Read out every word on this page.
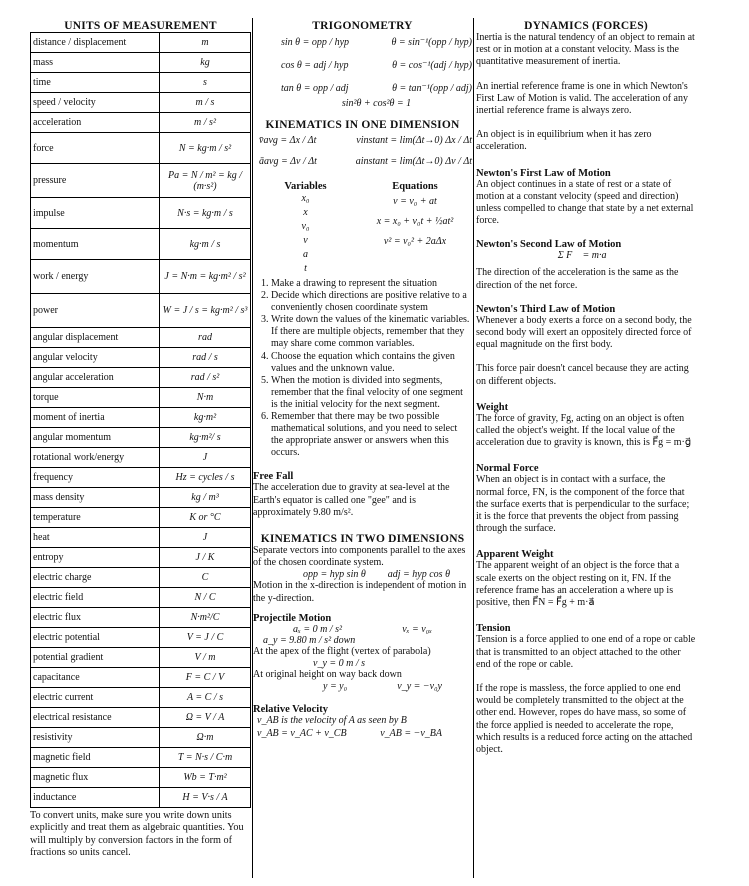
UNITS OF MEASUREMENT
distance / displacement	m
mass	kg
time	s
speed / velocity	m / s
acceleration	m / s²
force	N = kg·m / s²
pressure	Pa = N / m² = kg / (m·s²)
impulse	N·s = kg·m / s
momentum	kg·m / s
work / energy	J = N·m = kg·m² / s²
power	W = J / s = kg·m² / s³
angular displacement	rad
angular velocity	rad / s
angular acceleration	rad / s²
torque	N·m
moment of inertia	kg·m²
angular momentum	kg·m²/ s
rotational work/energy	J
frequency	Hz = cycles / s
mass density	kg / m³
temperature	K or °C
heat	J
entropy	J / K
electric charge	C
electric field	N / C
electric flux	N·m²/C
electric potential	V = J / C
potential gradient	V / m
capacitance	F = C / V
electric current	A = C / s
electrical resistance	Ω = V / A
resistivity	Ω·m
magnetic field	T = N·s / C·m
magnetic flux	Wb = T·m²
inductance	H = V·s / A
To convert units, make sure you write down units explicitly and treat them as algebraic quantities. You will multiply by conversion factors in the form of fractions so units cancel.
TRIGONOMETRY
sin θ = opp / hyp	θ = sin⁻¹(opp / hyp)
cos θ = adj / hyp	θ = cos⁻¹(adj / hyp)
tan θ = opp / adj	θ = tan⁻¹(opp / adj)
sin²θ + cos²θ = 1
KINEMATICS IN ONE DIMENSION
v̄avg = Δx / Δt	vinstant = lim(Δt→0) Δx / Δt
āavg = Δv / Δt	ainstant = lim(Δt→0) Δv / Δt
Variables
x₀
x
v₀
v
a
t
Equations
v = v₀ + at
x = x₀ + v₀t + ½at²
v² = v₀² + 2aΔx
1. Make a drawing to represent the situation
2. Decide which directions are positive relative to a conveniently chosen coordinate system
3. Write down the values of the kinematic variables. If there are multiple objects, remember that they may share come common variables.
4. Choose the equation which contains the given values and the unknown value.
5. When the motion is divided into segments, remember that the final velocity of one segment is the initial velocity for the next segment.
6. Remember that there may be two possible mathematical solutions, and you need to select the appropriate answer or answers when this occurs.
Free Fall

The acceleration due to gravity at sea-level at the Earth's equator is called one "gee" and is approximately 9.80 m/s².

KINEMATICS IN TWO DIMENSIONS

Separate vectors into components parallel to the axes of the chosen coordinate system.

opp = hyp sin θ adj = hyp cos θ

Motion in the x-direction is independent of motion in the y-direction.

Projectile Motion
aₓ = 0 m / s²	vₓ = v₀ₓ
a_y = 9.80 m / s² down

At the apex of the flight (vertex of parabola)

v_y = 0 m / s

At original height on way back down

y = y₀	v_y = −v₀y
Relative Velocity
v_AB is the velocity of A as seen by B
v_AB = v_AC + v_CB	v_AB = −v_BA
DYNAMICS (FORCES)

Inertia is the natural tendency of an object to remain at rest or in motion at a constant velocity. Mass is the quantitative measurement of inertia.

An inertial reference frame is one in which Newton's First Law of Motion is valid. The acceleration of any inertial reference frame is always zero.

An object is in equilibrium when it has zero acceleration.

Newton's First Law of Motion

An object continues in a state of rest or a state of motion at a constant velocity (speed and direction) unless compelled to change that state by a net external force.

Newton's Second Law of Motion
Σ F⃗ = m·a⃗

The direction of the acceleration is the same as the direction of the net force.

Newton's Third Law of Motion

Whenever a body exerts a force on a second body, the second body will exert an oppositely directed force of equal magnitude on the first body.

This force pair doesn't cancel because they are acting on different objects.

Weight

The force of gravity, Fg, acting on an object is often called the object's weight. If the local value of the acceleration due to gravity is known, this is F⃗g = m·g⃗

Normal Force

When an object is in contact with a surface, the normal force, FN, is the component of the force that the surface exerts that is perpendicular to the surface; it is the force that prevents the object from passing through the surface.

Apparent Weight

The apparent weight of an object is the force that a scale exerts on the object resting on it, FN. If the reference frame has an acceleration a where up is positive, then F⃗N = F⃗g + m·a⃗

Tension

Tension is a force applied to one end of a rope or cable that is transmitted to an object attached to the other end of the rope or cable.

If the rope is massless, the force applied to one end would be completely transmitted to the object at the other end. However, ropes do have mass, so some of the force applied is needed to accelerate the rope, which results is a reduced force acting on the attached object.
